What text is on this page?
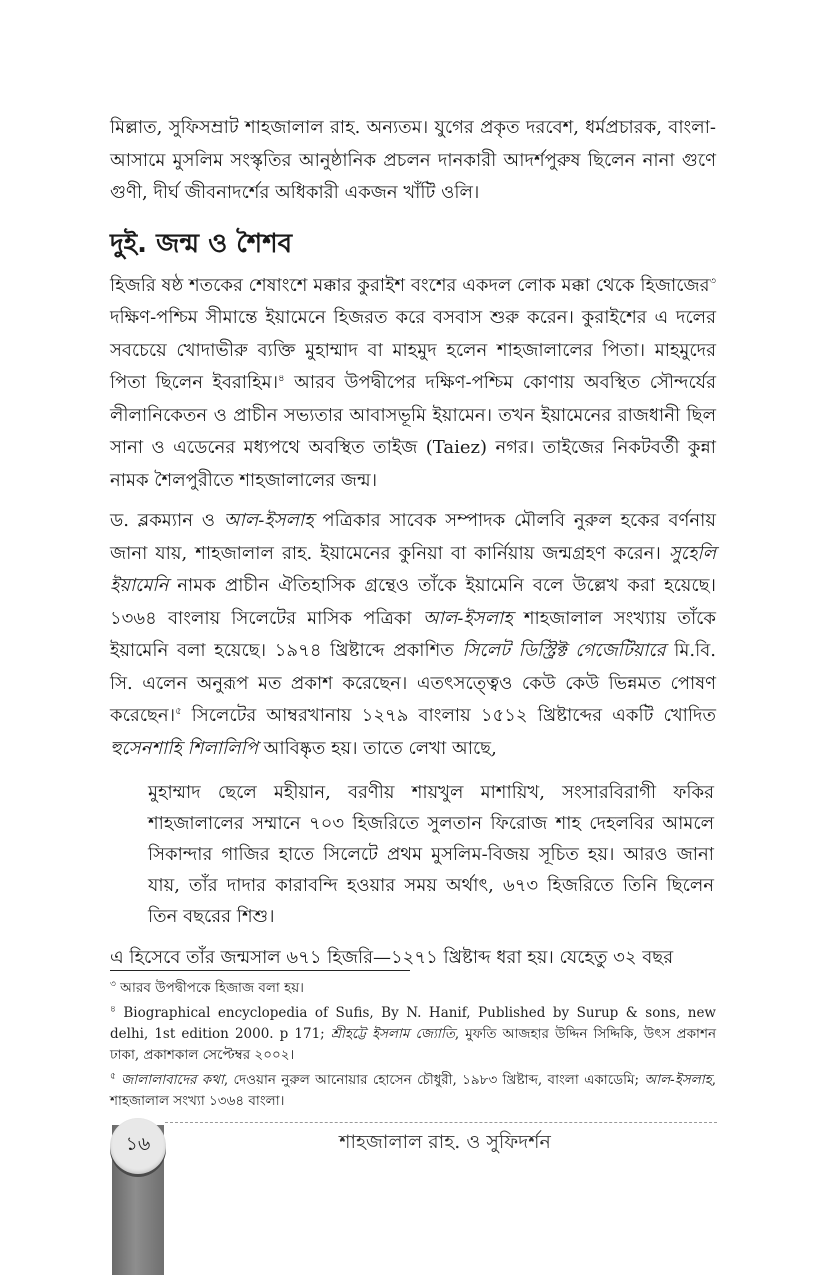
মিল্লাত, সুফিসম্রাট শাহজালাল রাহ. অন্যতম। যুগের প্রকৃত দরবেশ, ধর্মপ্রচারক, বাংলা-আসামে মুসলিম সংস্কৃতির আনুষ্ঠানিক প্রচলন দানকারী আদর্শপুরুষ ছিলেন নানা গুণে গুণী, দীর্ঘ জীবনাদর্শের অধিকারী একজন খাঁটি ওলি।

দুই. জন্ম ও শৈশব

হিজরি ষষ্ঠ শতকের শেষাংশে মক্কার কুরাইশ বংশের একদল লোক মক্কা থেকে হিজাজের$^৩$ দক্ষিণ-পশ্চিম সীমান্তে ইয়ামেনে হিজরত করে বসবাস শুরু করেন। কুরাইশের এ দলের সবচেয়ে খোদাভীরু ব্যক্তি মুহাম্মাদ বা মাহমুদ হলেন শাহজালালের পিতা। মাহমুদের পিতা ছিলেন ইবরাহিম।$^৪$ আরব উপদ্বীপের দক্ষিণ-পশ্চিম কোণায় অবস্থিত সৌন্দর্যের লীলানিকেতন ও প্রাচীন সভ্যতার আবাসভূমি ইয়ামেন। তখন ইয়ামেনের রাজধানী ছিল সানা ও এডেনের মধ্যপথে অবস্থিত তাইজ (Taiez) নগর। তাইজের নিকটবর্তী কুন্না নামক শৈলপুরীতে শাহজালালের জন্ম।

ড. ব্লকম্যান ও আল-ইসলাহ পত্রিকার সাবেক সম্পাদক মৌলবি নুরুল হকের বর্ণনায় জানা যায়, শাহজালাল রাহ. ইয়ামেনের কুনিয়া বা কার্নিয়ায় জন্মগ্রহণ করেন। সুহেলি ইয়ামেনি নামক প্রাচীন ঐতিহাসিক গ্রন্থেও তাঁকে ইয়ামেনি বলে উল্লেখ করা হয়েছে। ১৩৬৪ বাংলায় সিলেটের মাসিক পত্রিকা আল-ইসলাহ শাহজালাল সংখ্যায় তাঁকে ইয়ামেনি বলা হয়েছে। ১৯৭৪ খ্রিষ্টাব্দে প্রকাশিত সিলেট ডিস্ট্রিক্ট গেজেটিয়ারে মি.বি. সি. এলেন অনুরূপ মত প্রকাশ করেছেন। এতৎসত্ত্বেও কেউ কেউ ভিন্নমত পোষণ করেছেন।$^৫$ সিলেটের আম্বরখানায় ১২৭৯ বাংলায় ১৫১২ খ্রিষ্টাব্দের একটি খোদিত হুসেনশাহি শিলালিপি আবিষ্কৃত হয়। তাতে লেখা আছে,

মুহাম্মাদ ছেলে মহীয়ান, বরণীয় শায়খুল মাশায়িখ, সংসারবিরাগী ফকির শাহজালালের সম্মানে ৭০৩ হিজরিতে সুলতান ফিরোজ শাহ দেহলবির আমলে সিকান্দার গাজির হাতে সিলেটে প্রথম মুসলিম-বিজয় সূচিত হয়। আরও জানা যায়, তাঁর দাদার কারাবন্দি হওয়ার সময় অর্থাৎ, ৬৭৩ হিজরিতে তিনি ছিলেন তিন বছরের শিশু।

এ হিসেবে তাঁর জন্মসাল ৬৭১ হিজরি—১২৭১ খ্রিষ্টাব্দ ধরা হয়। যেহেতু ৩২ বছর

$^৩$ আরব উপদ্বীপকে হিজাজ বলা হয়।

$^৪$ Biographical encyclopedia of Sufis, By N. Hanif, Published by Surup & sons, new delhi, 1st edition 2000. p 171; শ্রীহট্টে ইসলাম জ্যোতি, মুফতি আজহার উদ্দিন সিদ্দিকি, উৎস প্রকাশন ঢাকা, প্রকাশকাল সেপ্টেম্বর ২০০২।

$^৫$ জালালাবাদের কথা, দেওয়ান নুরুল আনোয়ার হোসেন চৌধুরী, ১৯৮৩ খ্রিষ্টাব্দ, বাংলা একাডেমি; আল-ইসলাহ, শাহজালাল সংখ্যা ১৩৬৪ বাংলা।

১৬	শাহজালাল রাহ. ও সুফিদর্শন
